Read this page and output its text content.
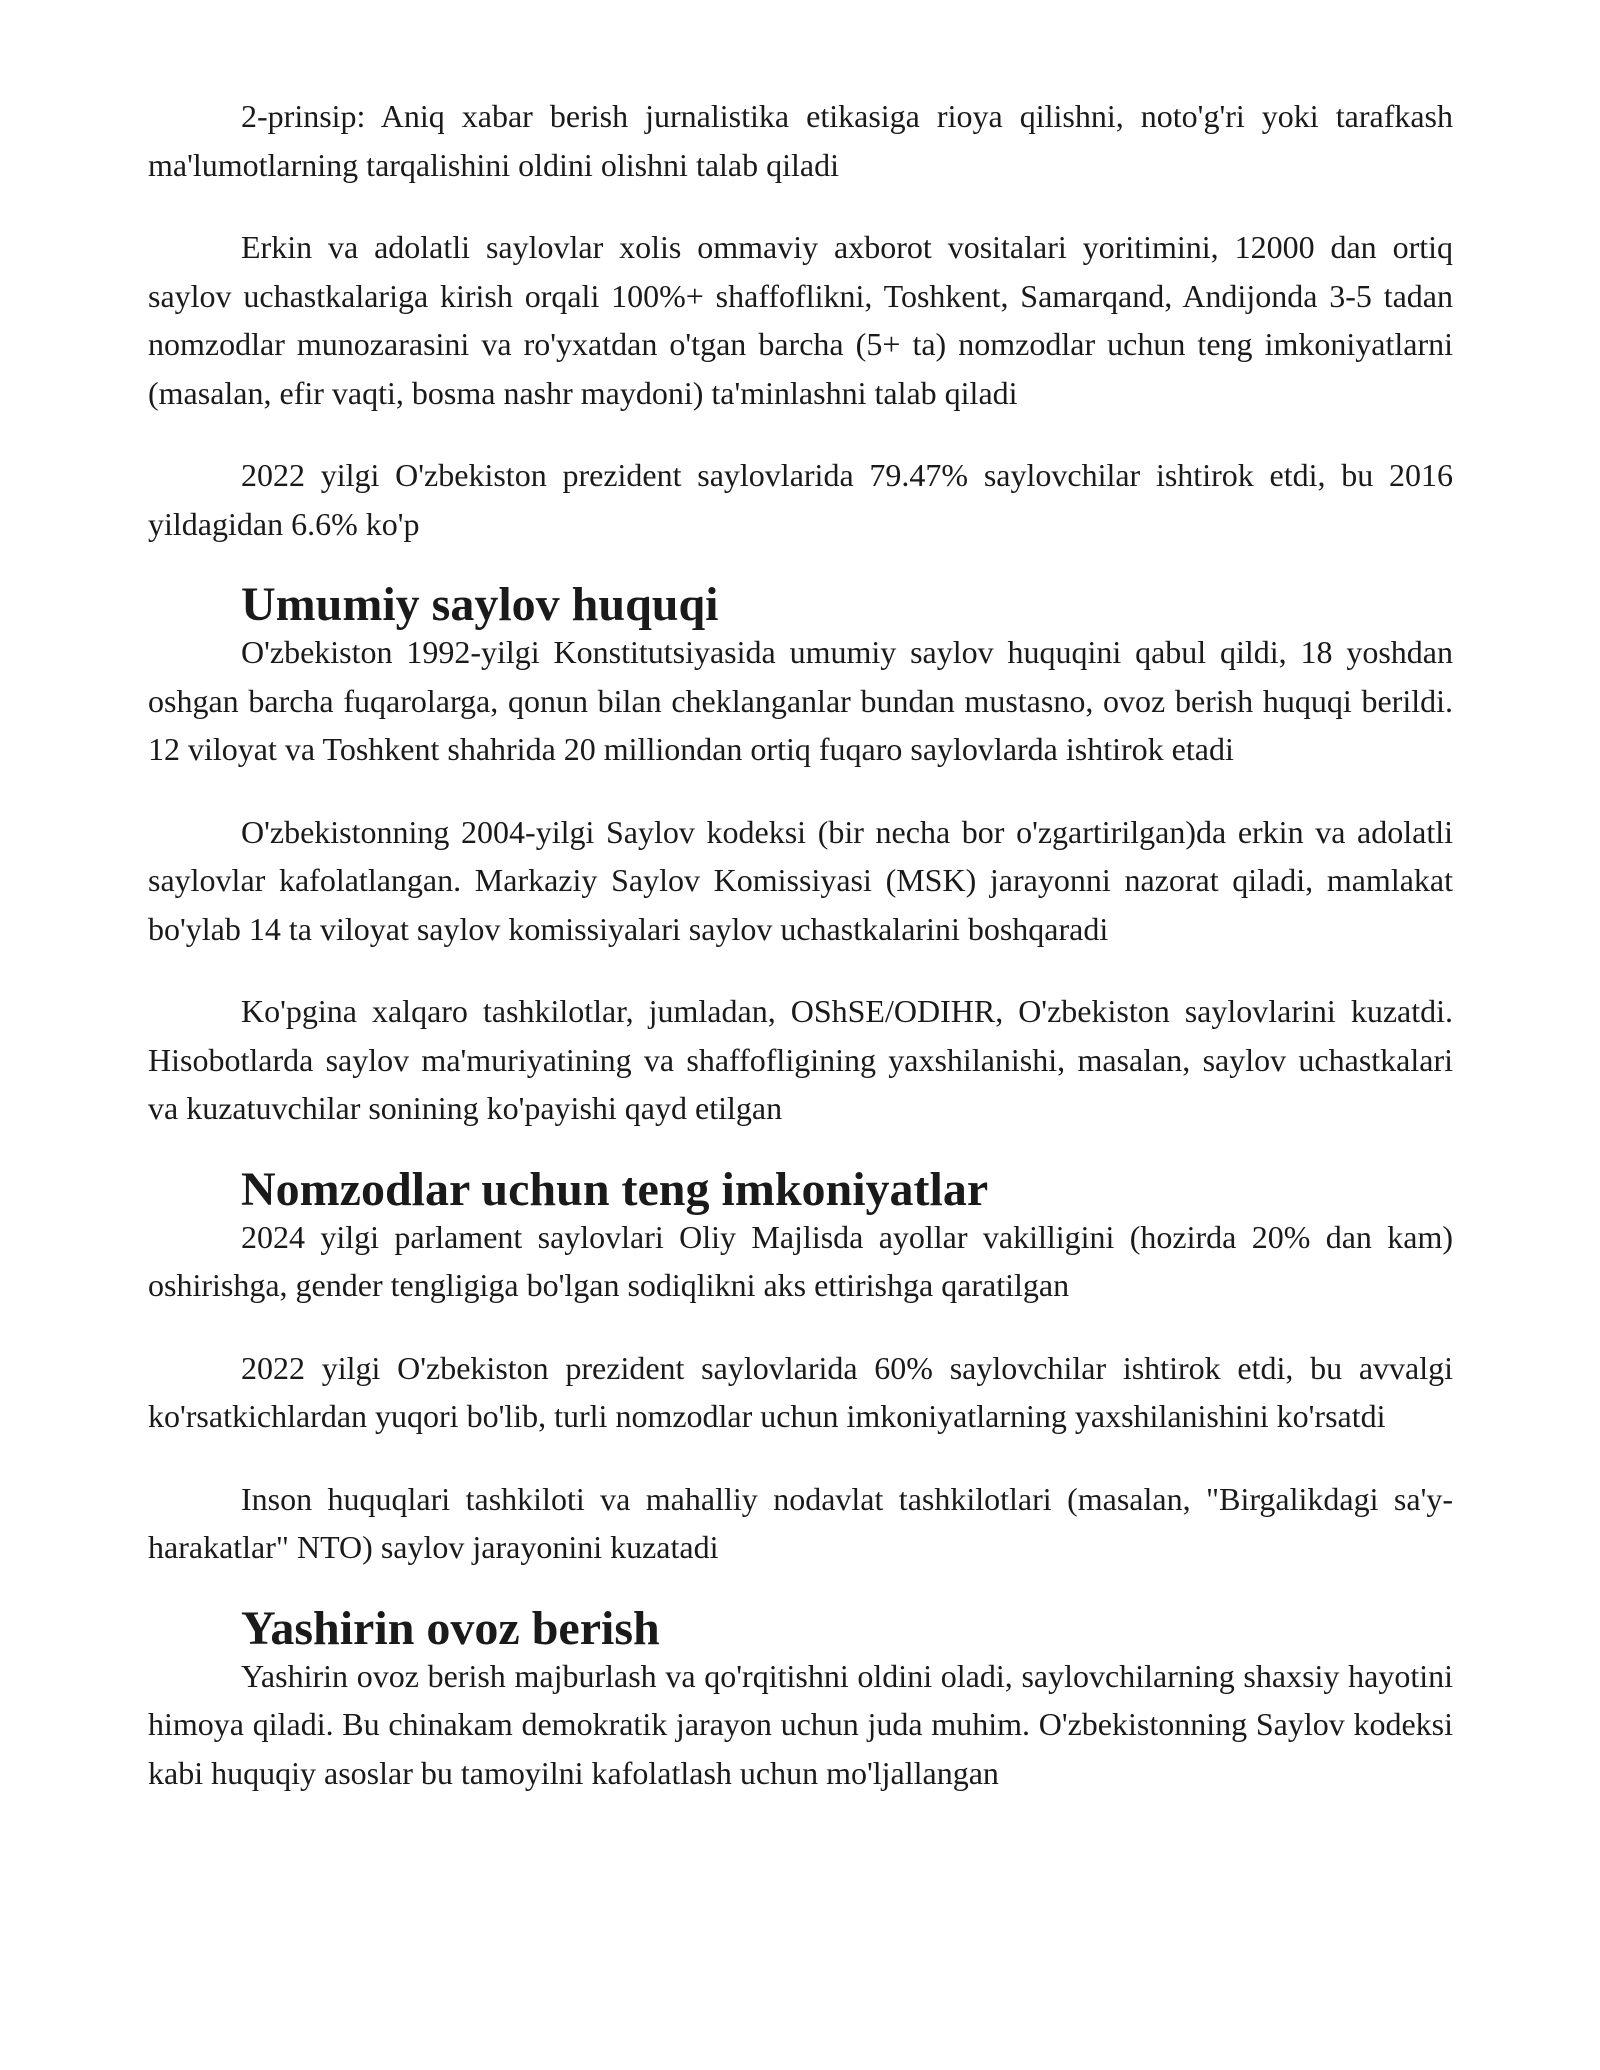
2-prinsip: Aniq xabar berish jurnalistika etikasiga rioya qilishni, noto'g'ri yoki tarafkash ma'lumotlarning tarqalishini oldini olishni talab qiladi

Erkin va adolatli saylovlar xolis ommaviy axborot vositalari yoritimini, 12000 dan ortiq saylov uchastkalariga kirish orqali 100%+ shaffoflikni, Toshkent, Samarqand, Andijonda 3-5 tadan nomzodlar munozarasini va ro'yxatdan o'tgan barcha (5+ ta) nomzodlar uchun teng imkoniyatlarni (masalan, efir vaqti, bosma nashr maydoni) ta'minlashni talab qiladi

2022 yilgi O'zbekiston prezident saylovlarida 79.47% saylovchilar ishtirok etdi, bu 2016 yildagidan 6.6% ko'p

Umumiy saylov huquqi

O'zbekiston 1992-yilgi Konstitutsiyasida umumiy saylov huquqini qabul qildi, 18 yoshdan oshgan barcha fuqarolarga, qonun bilan cheklanganlar bundan mustasno, ovoz berish huquqi berildi. 12 viloyat va Toshkent shahrida 20 milliondan ortiq fuqaro saylovlarda ishtirok etadi

O'zbekistonning 2004-yilgi Saylov kodeksi (bir necha bor o'zgartirilgan)da erkin va adolatli saylovlar kafolatlangan. Markaziy Saylov Komissiyasi (MSK) jarayonni nazorat qiladi, mamlakat bo'ylab 14 ta viloyat saylov komissiyalari saylov uchastkalarini boshqaradi

Ko'pgina xalqaro tashkilotlar, jumladan, OShSE/ODIHR, O'zbekiston saylovlarini kuzatdi. Hisobotlarda saylov ma'muriyatining va shaffofligining yaxshilanishi, masalan, saylov uchastkalari va kuzatuvchilar sonining ko'payishi qayd etilgan

Nomzodlar uchun teng imkoniyatlar

2024 yilgi parlament saylovlari Oliy Majlisda ayollar vakilligini (hozirda 20% dan kam) oshirishga, gender tengligiga bo'lgan sodiqlikni aks ettirishga qaratilgan

2022 yilgi O'zbekiston prezident saylovlarida 60% saylovchilar ishtirok etdi, bu avvalgi ko'rsatkichlardan yuqori bo'lib, turli nomzodlar uchun imkoniyatlarning yaxshilanishini ko'rsatdi

Inson huquqlari tashkiloti va mahalliy nodavlat tashkilotlari (masalan, "Birgalikdagi sa'y-harakatlar" NTO) saylov jarayonini kuzatadi

Yashirin ovoz berish

Yashirin ovoz berish majburlash va qo'rqitishni oldini oladi, saylovchilarning shaxsiy hayotini himoya qiladi. Bu chinakam demokratik jarayon uchun juda muhim. O'zbekistonning Saylov kodeksi kabi huquqiy asoslar bu tamoyilni kafolatlash uchun mo'ljallangan
